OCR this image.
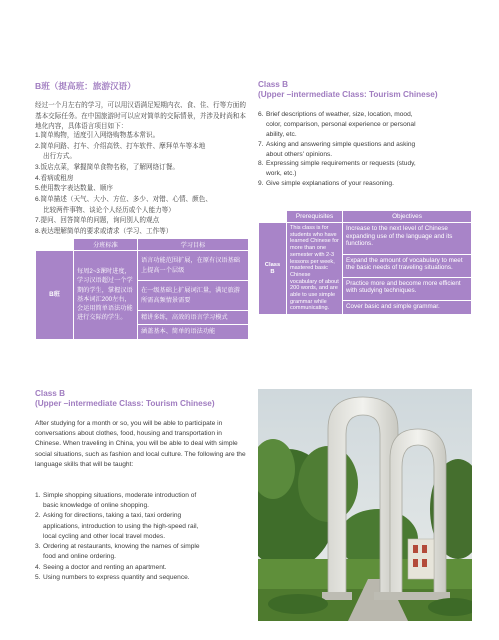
B班（提高班：旅游汉语）
经过一个月左右的学习，可以用汉语满足短期内衣、食、住、行等方面的基本交际任务。在中国旅游时可以应对简单的交际情景，并涉及时尚和本地化内容，具体语言项目如下：
1.简单购物，适度引入网络购物基本常识。
2.简单问路、打车、介绍高铁、打车软件、摩拜单车等本地
出行方式。
3.饭店点菜，掌握简单食物名称，了解网络订餐。
4.看病或租房
5.使用数字表达数量、顺序
6.简单描述（天气、大小、方位、多少、对错、心情、颜色、
比较两件事物、谈论个人经历或个人能力等）
7.提问、回答简单的问题，询问别人的观点
8.表达理解简单的要求或请求（学习、工作等）
	分班标准	学习目标
B班	每周2~3课时进度，学习汉语超过一个学期的学生，掌握汉语基本词汇200左右，会运用简单语法功能进行交际的学生。	语言功能范围扩展，在原有汉语基础上提高一个层级
		在一级基础上扩展词汇量，满足旅游所需高频情景需要
		精讲多练，高效的语言学习模式
		涵盖基本、简单的语法功能
Class B
(Upper –intermediate Class: Tourism Chinese)
6. Brief descriptions of weather, size, location, mood,
color, comparison, personal experience or personal
ability, etc.
7. Asking and answering simple questions and asking
about others' opinions.
8. Expressing simple requirements or requests (study,
work, etc.)
9. Give simple explanations of your reasoning.
	Prerequisites	Objectives
Class B	This class is for students who have learned Chinese for more than one semester with 2-3 lessons per week, mastered basic Chinese vocabulary of about 200 words, and are able to use simple grammar while communicating.	Increase to the next level of Chinese expanding use of the language and its functions.
		Expand the amount of vocabulary to meet the basic needs of traveling situations.
		Practice more and become more efficient with studying techniques.
		Cover basic and simple grammar.
Class B
(Upper –intermediate Class: Tourism Chinese)
After studying for a month or so, you will be able to participate in conversations about clothes, food, housing and transportation in Chinese. When traveling in China, you will be able to deal with simple social situations, such as fashion and local culture. The following are the language skills that will be taught:
1. Simple shopping situations, moderate introduction of
basic knowledge of online shopping.
2. Asking for directions, taking a taxi, taxi ordering
applications, introduction to using the high-speed rail,
local cycling and other local travel modes.
3. Ordering at restaurants, knowing the names of simple
food and online ordering.
4. Seeing a doctor and renting an apartment.
5. Using numbers to express quantity and sequence.
